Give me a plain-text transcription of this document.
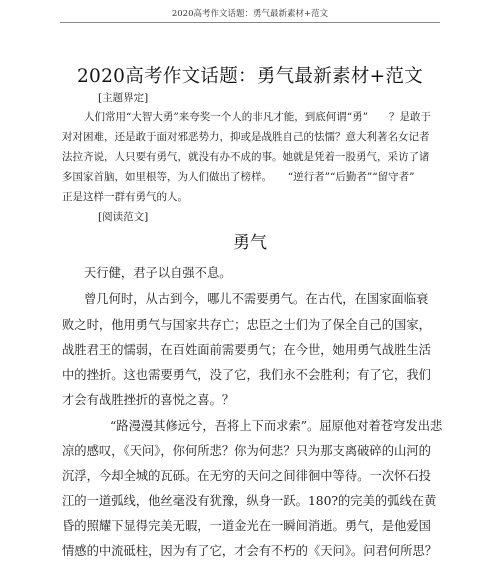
2020高考作文话题：勇气最新素材+范文
2020高考作文话题：勇气最新素材+范文
[主题界定]
人们常用“大智大勇”来夸奖一个人的非凡才能，到底何谓“勇”　　？是敢于
对对困难，还是敢于面对邪恶势力，抑或是战胜自己的怯懦？意大利著名女记者
法拉齐说，人只要有勇气，就没有办不成的事。她就是凭着一股勇气，采访了诸
多国家首脑，如里根等，为人们做出了榜样。　　“逆行者”“后勤者”“留守者”
正是这样一群有勇气的人。
[阅读范文]
勇气
天行健，君子以自强不息。
曾几何时，从古到今，哪儿不需要勇气。在古代，在国家面临衰
败之时，他用勇气与国家共存亡；忠臣之士们为了保全自己的国家，
战胜君王的懦弱，在百姓面前需要勇气；在今世，她用勇气战胜生活
中的挫折。这也需要勇气，没了它，我们永不会胜利；有了它，我们
才会有战胜挫折的喜悦之喜。？
“路漫漫其修远兮，吾将上下而求索”。屈原他对着苍穹发出悲
凉的感叹，《天问》，你何所悲？你为何悲？只为那支离破碎的山河的
沉浮，今却全城的瓦砾。在无穷的天问之间徘徊中等待。一次怀石投
江的一道弧线，他丝毫没有犹豫，纵身一跃。180?的完美的弧线在黄
昏的照耀下显得完美无暇，一道金光在一瞬间消逝。勇气，是他爱国
情感的中流砥柱，因为有了它，才会有不朽的《天问》。问君何所思？
